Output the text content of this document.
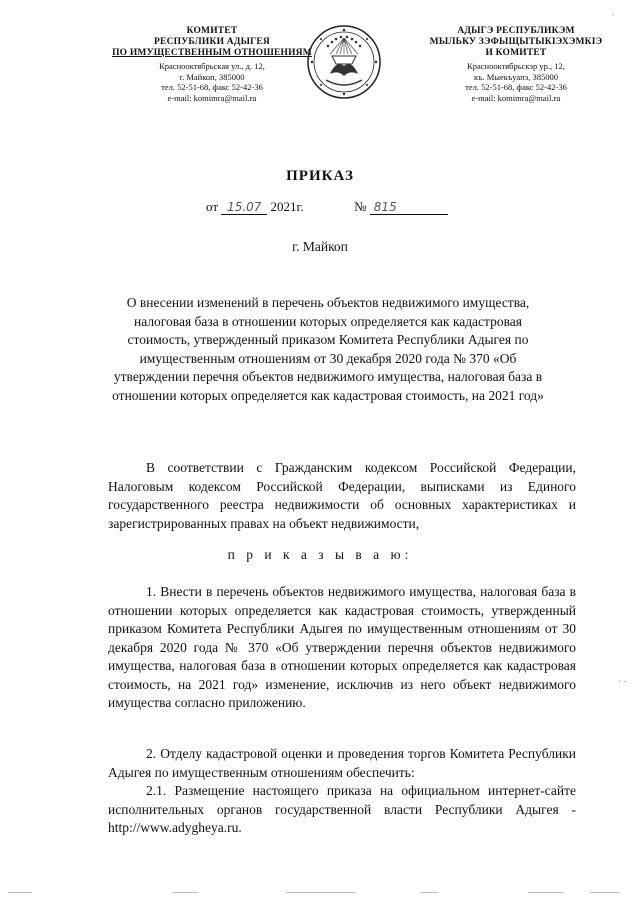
КОМИТЕТ
РЕСПУБЛИКИ АДЫГЕЯ
ПО ИМУЩЕСТВЕННЫМ ОТНОШЕНИЯМ
Краснооктябрьская ул., д. 12,
г. Майкоп, 385000
тел. 52-51-68, факс 52-42-36
e-mail: komimra@mail.ru
АДЫГЭ РЕСПУБЛИКЭМ
МЫЛЬКУ ЗЭФЫЩЫТЫКIЭХЭМКIЭ
И КОМИТЕТ
Краснооктябрьскэр ур., 12,
къ. Мыекъуапэ, 385000
тел. 52-51-68, факс 52-42-36
e-mail: komimra@mail.ru
ПРИКАЗ
от 15.07 2021г.	№ 815
г. Майкоп
О внесении изменений в перечень объектов недвижимого имущества, налоговая база в отношении которых определяется как кадастровая стоимость, утвержденный приказом Комитета Республики Адыгея по имущественным отношениям от 30 декабря 2020 года № 370 «Об утверждении перечня объектов недвижимого имущества, налоговая база в отношении которых определяется как кадастровая стоимость, на 2021 год»
В соответствии с Гражданским кодексом Российской Федерации, Налоговым кодексом Российской Федерации, выписками из Единого государственного реестра недвижимости об основных характеристиках и зарегистрированных правах на объект недвижимости,
п р и к а з ы в а ю:
1. Внести в перечень объектов недвижимого имущества, налоговая база в отношении которых определяется как кадастровая стоимость, утвержденный приказом Комитета Республики Адыгея по имущественным отношениям от 30 декабря 2020 года № 370 «Об утверждении перечня объектов недвижимого имущества, налоговая база в отношении которых определяется как кадастровая стоимость, на 2021 год» изменение, исключив из него объект недвижимого имущества согласно приложению.
2. Отделу кадастровой оценки и проведения торгов Комитета Республики Адыгея по имущественным отношениям обеспечить:
2.1. Размещение настоящего приказа на официальном интернет-сайте исполнительных органов государственной власти Республики Адыгея - http://www.adygheya.ru.
′
· -
